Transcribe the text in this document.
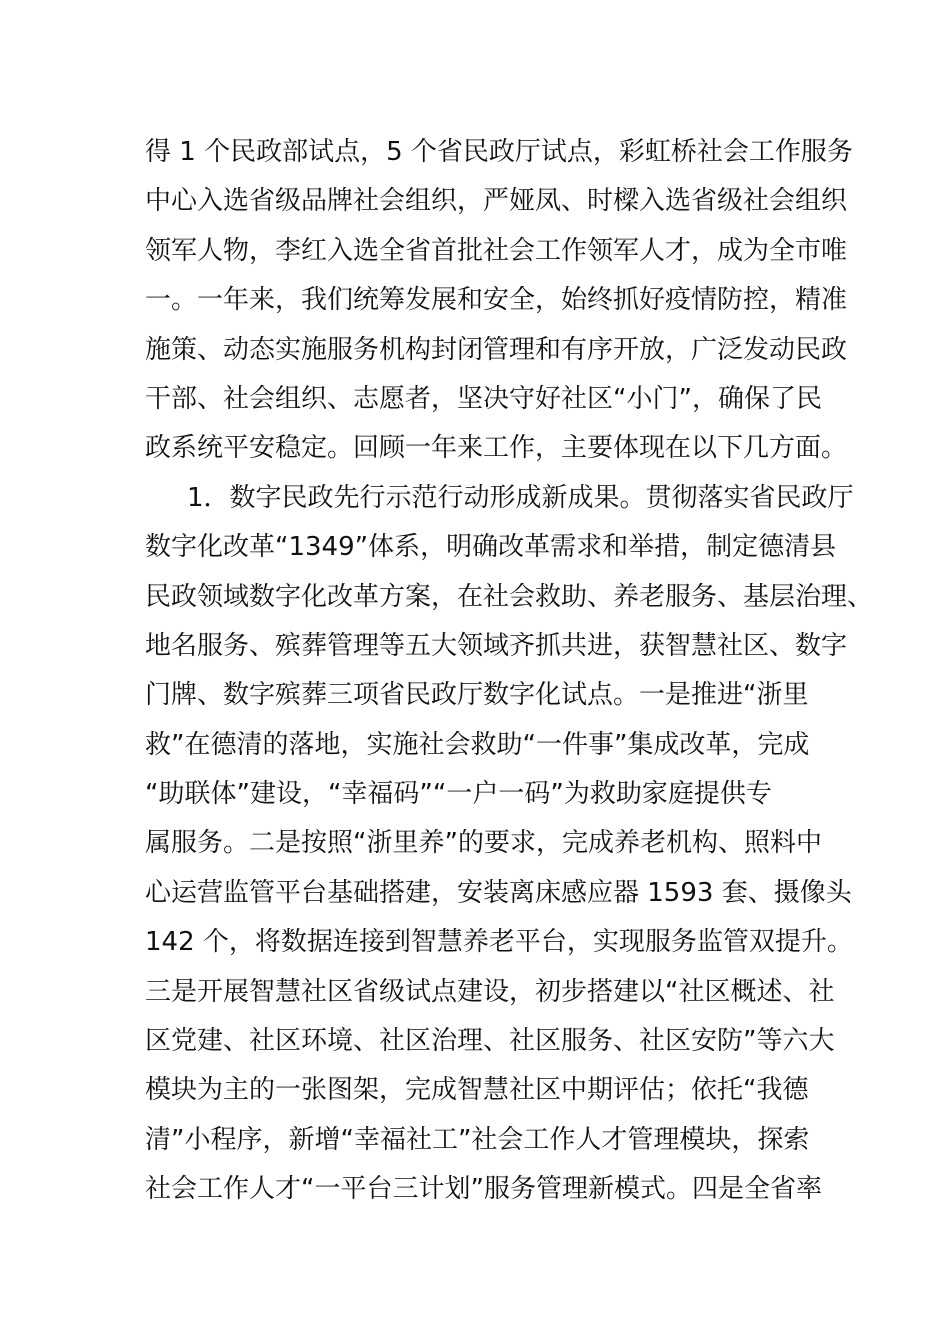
得 1 个民政部试点，5 个省民政厅试点，彩虹桥社会工作服务
中心入选省级品牌社会组织，严娅凤、时樑入选省级社会组织
领军人物，李红入选全省首批社会工作领军人才，成为全市唯
一。一年来，我们统筹发展和安全，始终抓好疫情防控，精准
施策、动态实施服务机构封闭管理和有序开放，广泛发动民政
干部、社会组织、志愿者，坚决守好社区“小门”，确保了民
政系统平安稳定。回顾一年来工作，主要体现在以下几方面。
1．数字民政先行示范行动形成新成果。贯彻落实省民政厅
数字化改革“1349”体系，明确改革需求和举措，制定德清县
民政领域数字化改革方案，在社会救助、养老服务、基层治理、
地名服务、殡葬管理等五大领域齐抓共进，获智慧社区、数字
门牌、数字殡葬三项省民政厅数字化试点。一是推进“浙里
救”在德清的落地，实施社会救助“一件事”集成改革，完成
“助联体”建设，“幸福码”“一户一码”为救助家庭提供专
属服务。二是按照“浙里养”的要求，完成养老机构、照料中
心运营监管平台基础搭建，安装离床感应器 1593 套、摄像头
142 个，将数据连接到智慧养老平台，实现服务监管双提升。
三是开展智慧社区省级试点建设，初步搭建以“社区概述、社
区党建、社区环境、社区治理、社区服务、社区安防”等六大
模块为主的一张图架，完成智慧社区中期评估；依托“我德
清”小程序，新增“幸福社工”社会工作人才管理模块，探索
社会工作人才“一平台三计划”服务管理新模式。四是全省率
